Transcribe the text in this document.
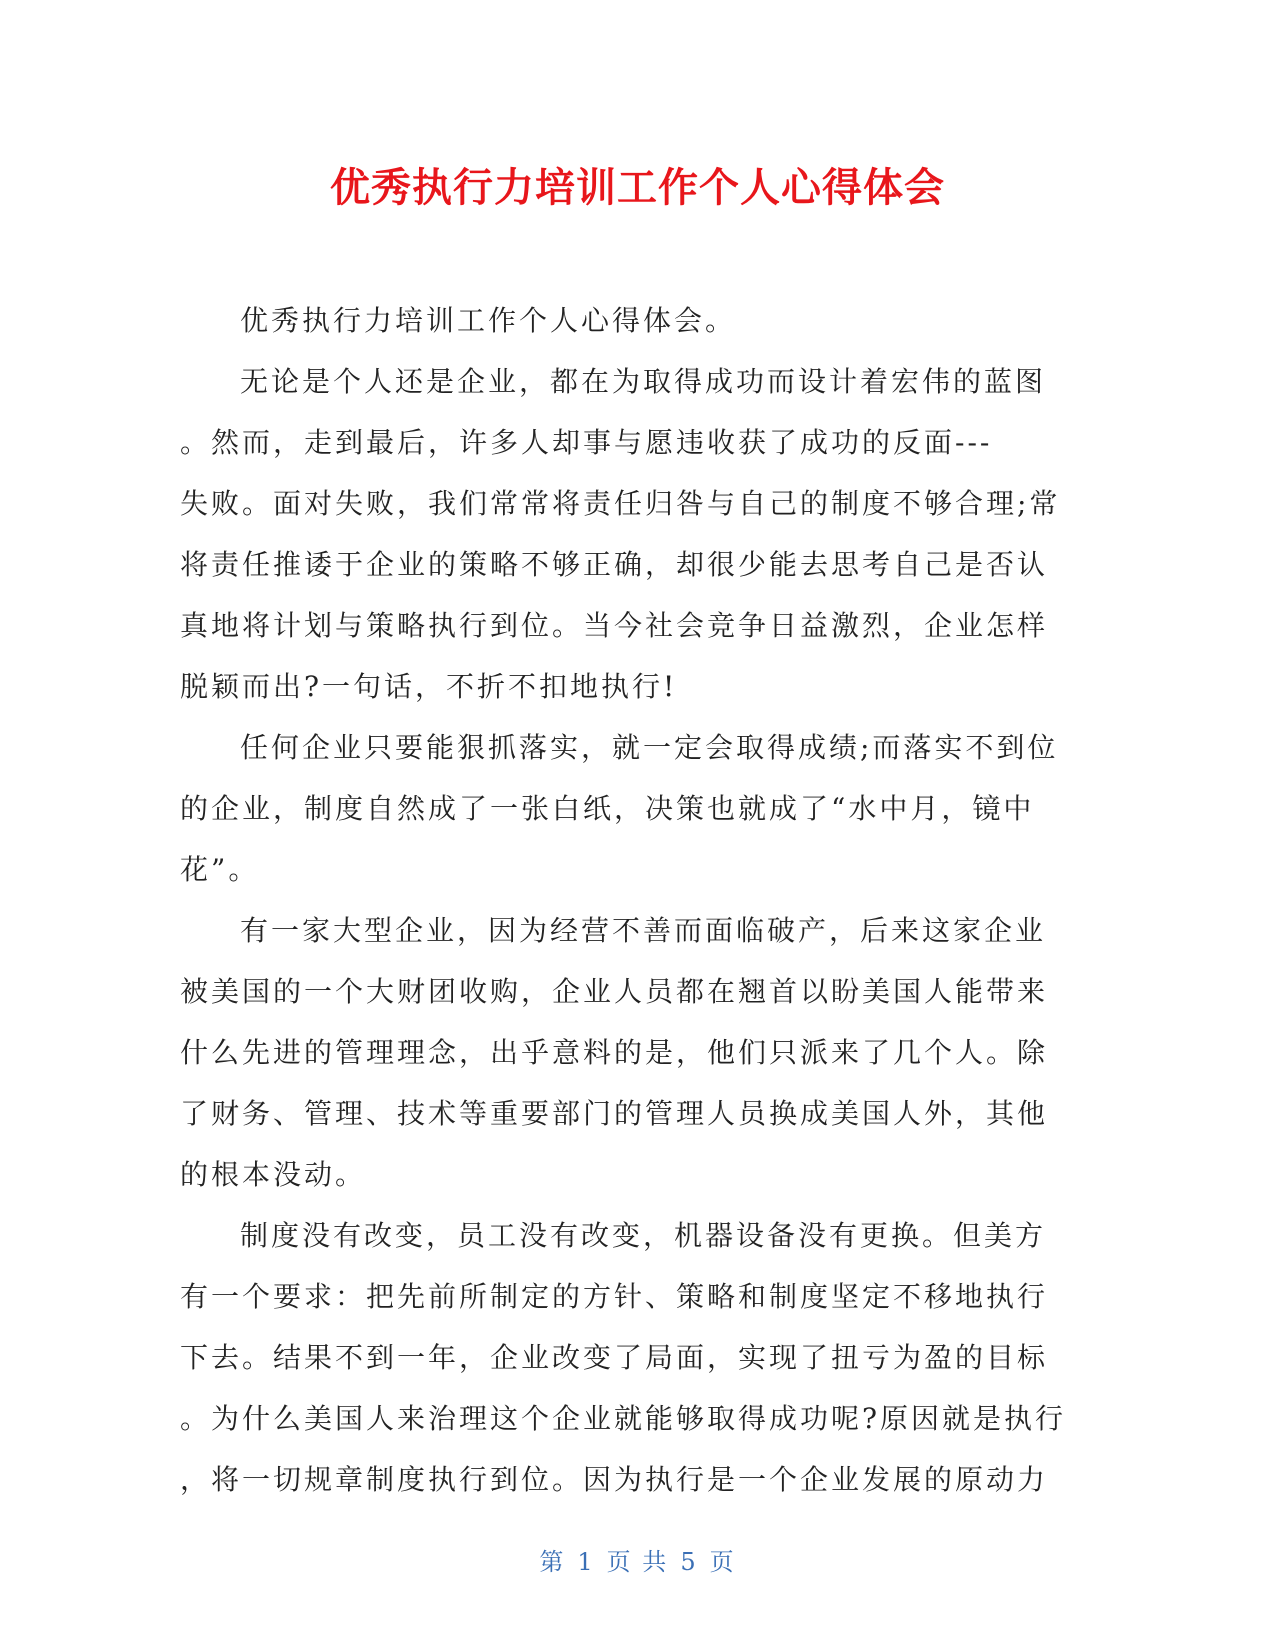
优秀执行力培训工作个人心得体会

优秀执行力培训工作个人心得体会。

无论是个人还是企业，都在为取得成功而设计着宏伟的蓝图
。然而，走到最后，许多人却事与愿违收获了成功的反面---
失败。面对失败，我们常常将责任归咎与自己的制度不够合理;常
将责任推诿于企业的策略不够正确，却很少能去思考自己是否认
真地将计划与策略执行到位。当今社会竞争日益激烈，企业怎样
脱颖而出?一句话，不折不扣地执行!

任何企业只要能狠抓落实，就一定会取得成绩;而落实不到位
的企业，制度自然成了一张白纸，决策也就成了“水中月，镜中
花”。

有一家大型企业，因为经营不善而面临破产，后来这家企业
被美国的一个大财团收购，企业人员都在翘首以盼美国人能带来
什么先进的管理理念，出乎意料的是，他们只派来了几个人。除
了财务、管理、技术等重要部门的管理人员换成美国人外，其他
的根本没动。

制度没有改变，员工没有改变，机器设备没有更换。但美方
有一个要求：把先前所制定的方针、策略和制度坚定不移地执行
下去。结果不到一年，企业改变了局面，实现了扭亏为盈的目标
。为什么美国人来治理这个企业就能够取得成功呢?原因就是执行
，将一切规章制度执行到位。因为执行是一个企业发展的原动力

第 1 页 共 5 页
